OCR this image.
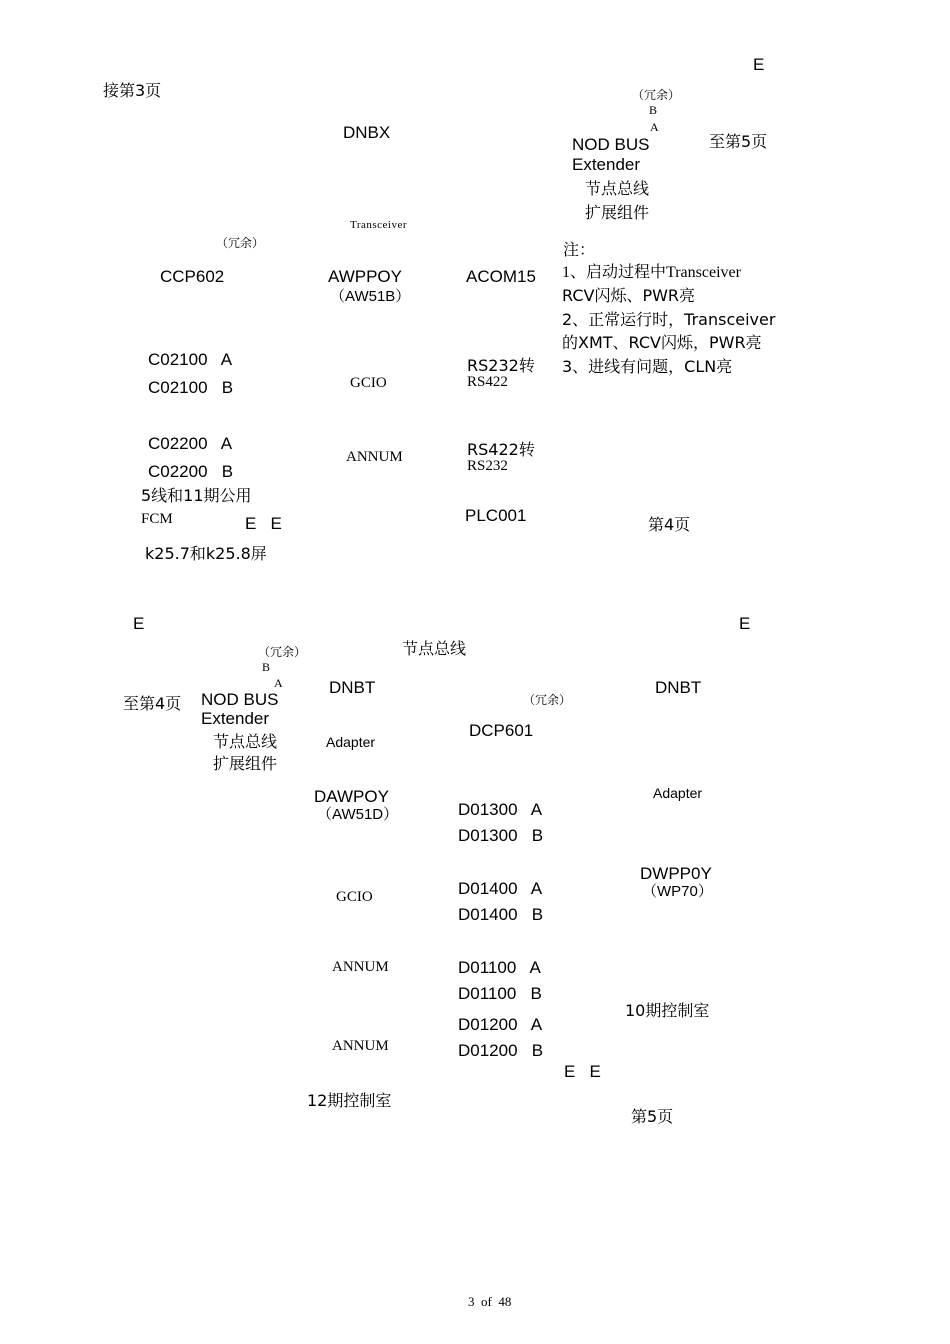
E
接第3页	（冗余）
B
A
DNBX
NOD BUS	至第5页
Extender
节点总线
扩展组件
Transceiver
（冗余）	注：
CCP602	AWPPOY	ACOM15 1、启动过程中Transceiver
（AW51B）	RCV闪烁、PWR亮
2、正常运行时，Transceiver
的XMT、RCV闪烁，PWR亮
C02100   A	RS232转 3、进线有问题，CLN亮
GCIO	RS422
C02100   B
C02200   A	RS422转
ANNUM
RS232
C02200   B
5线和11期公用
PLC001
FCM	E   E	第4页
k25.7和k25.8屏
E	E
节点总线
（冗余）
B
A	DNBT	DNBT
NOD BUS	（冗余）
至第4页
Extender
DCP601
节点总线	Adapter
扩展组件
Adapter
DAWPOY
D01300   A
（AW51D）
D01300   B
DWPP0Y
D01400   A	（WP70）
GCIO
D01400   B
ANNUM	D01100   A
D01100   B
10期控制室
D01200   A
ANNUM	D01200   B
E   E
12期控制室
第5页
3  of  48
